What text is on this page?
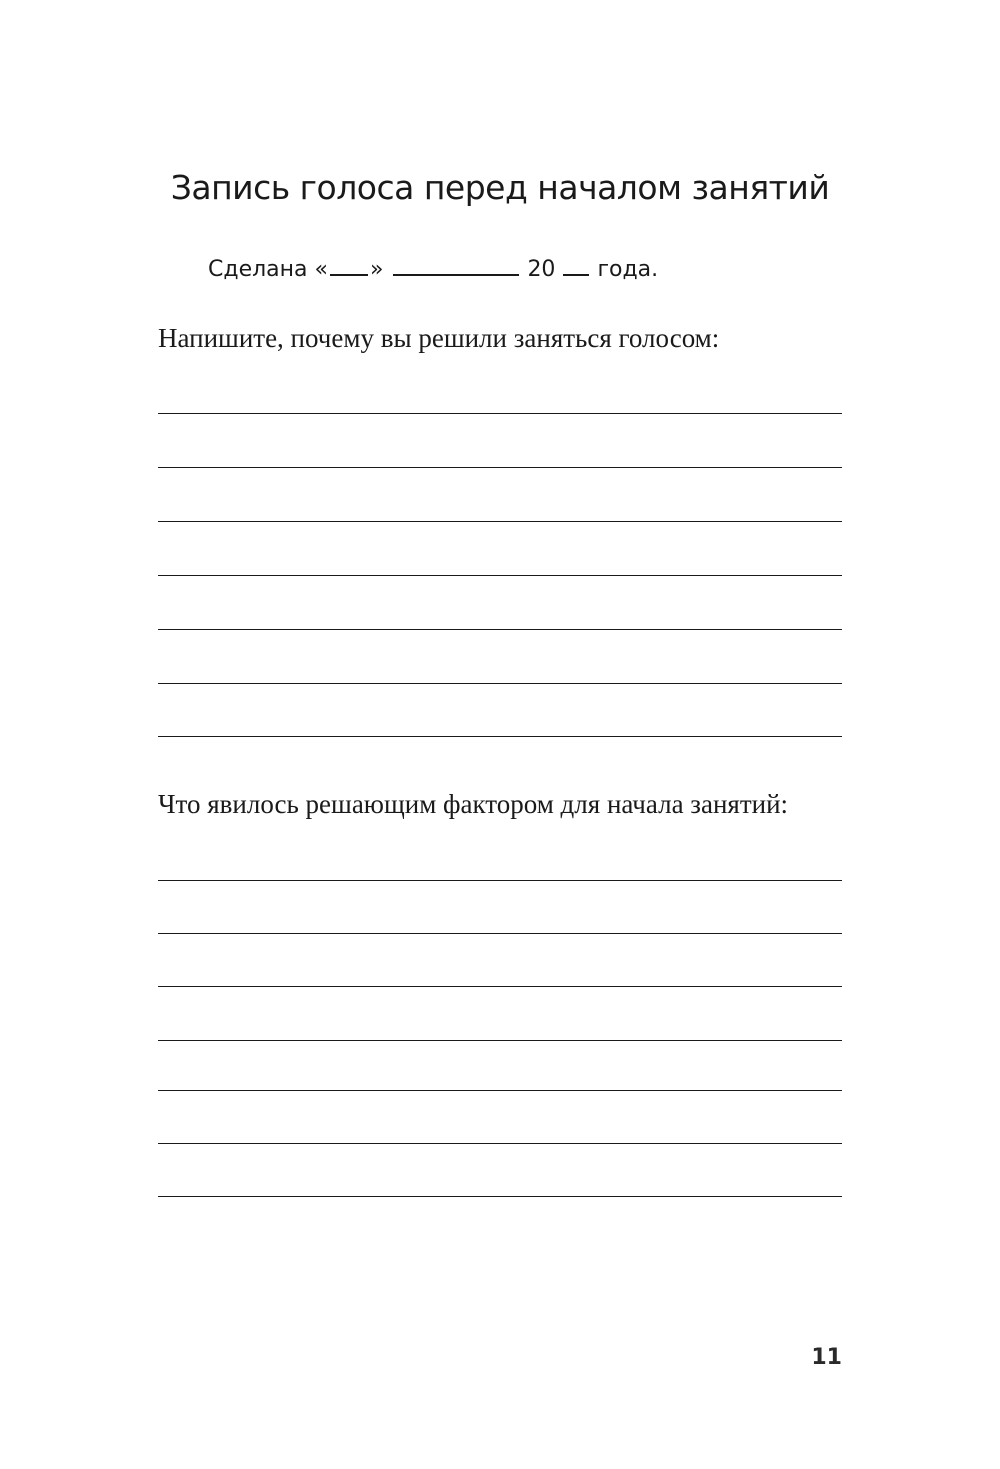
Запись голоса перед началом занятий
Сделана « »	20 года.

Напишите, почему вы решили заняться голосом:

Что явилось решающим фактором для начала занятий:

11
